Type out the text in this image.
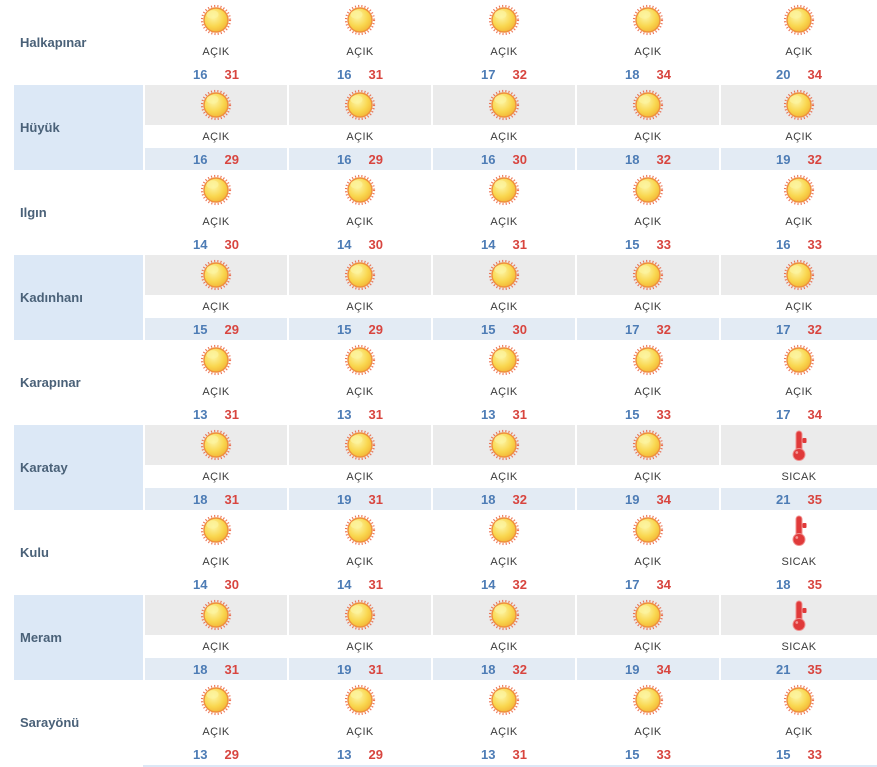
Halkapınar
AÇIK
16 31
AÇIK
16 31
AÇIK
17 32
AÇIK
18 34
AÇIK
20 34
Hüyük
AÇIK
16 29
AÇIK
16 29
AÇIK
16 30
AÇIK
18 32
AÇIK
19 32
Ilgın
AÇIK
14 30
AÇIK
14 30
AÇIK
14 31
AÇIK
15 33
AÇIK
16 33
Kadınhanı
AÇIK
15 29
AÇIK
15 29
AÇIK
15 30
AÇIK
17 32
AÇIK
17 32
Karapınar
AÇIK
13 31
AÇIK
13 31
AÇIK
13 31
AÇIK
15 33
AÇIK
17 34
Karatay
AÇIK
18 31
AÇIK
19 31
AÇIK
18 32
AÇIK
19 34
SICAK
21 35
Kulu
AÇIK
14 30
AÇIK
14 31
AÇIK
14 32
AÇIK
17 34
SICAK
18 35
Meram
AÇIK
18 31
AÇIK
19 31
AÇIK
18 32
AÇIK
19 34
SICAK
21 35
Sarayönü
AÇIK
13 29
AÇIK
13 29
AÇIK
13 31
AÇIK
15 33
AÇIK
15 33
